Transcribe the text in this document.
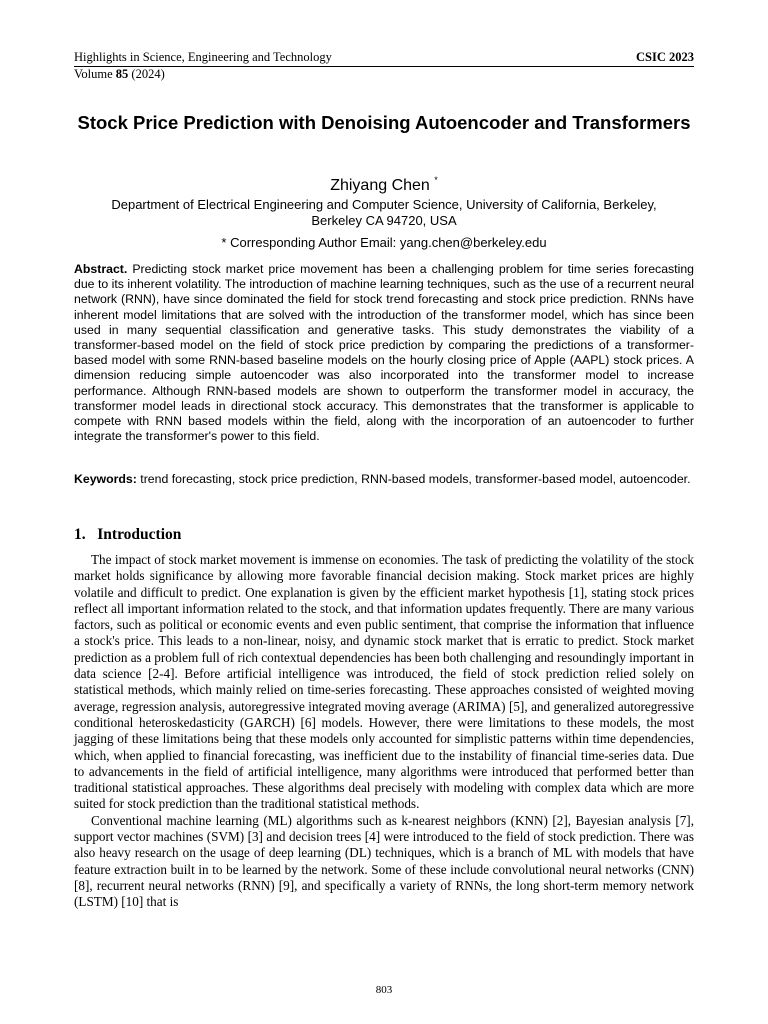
Highlights in Science, Engineering and Technology	CSIC 2023
Volume 85 (2024)
Stock Price Prediction with Denoising Autoencoder and Transformers
Zhiyang Chen *
Department of Electrical Engineering and Computer Science, University of California, Berkeley,
Berkeley CA 94720, USA
* Corresponding Author Email: yang.chen@berkeley.edu
Abstract. Predicting stock market price movement has been a challenging problem for time series forecasting due to its inherent volatility. The introduction of machine learning techniques, such as the use of a recurrent neural network (RNN), have since dominated the field for stock trend forecasting and stock price prediction. RNNs have inherent model limitations that are solved with the introduction of the transformer model, which has since been used in many sequential classification and generative tasks. This study demonstrates the viability of a transformer-based model on the field of stock price prediction by comparing the predictions of a transformer-based model with some RNN-based baseline models on the hourly closing price of Apple (AAPL) stock prices. A dimension reducing simple autoencoder was also incorporated into the transformer model to increase performance. Although RNN-based models are shown to outperform the transformer model in accuracy, the transformer model leads in directional stock accuracy. This demonstrates that the transformer is applicable to compete with RNN based models within the field, along with the incorporation of an autoencoder to further integrate the transformer's power to this field.
Keywords: trend forecasting, stock price prediction, RNN-based models, transformer-based model, autoencoder.
1. Introduction

The impact of stock market movement is immense on economies. The task of predicting the volatility of the stock market holds significance by allowing more favorable financial decision making. Stock market prices are highly volatile and difficult to predict. One explanation is given by the efficient market hypothesis [1], stating stock prices reflect all important information related to the stock, and that information updates frequently. There are many various factors, such as political or economic events and even public sentiment, that comprise the information that influence a stock's price. This leads to a non-linear, noisy, and dynamic stock market that is erratic to predict. Stock market prediction as a problem full of rich contextual dependencies has been both challenging and resoundingly important in data science [2-4]. Before artificial intelligence was introduced, the field of stock prediction relied solely on statistical methods, which mainly relied on time-series forecasting. These approaches consisted of weighted moving average, regression analysis, autoregressive integrated moving average (ARIMA) [5], and generalized autoregressive conditional heteroskedasticity (GARCH) [6] models. However, there were limitations to these models, the most jagging of these limitations being that these models only accounted for simplistic patterns within time dependencies, which, when applied to financial forecasting, was inefficient due to the instability of financial time-series data. Due to advancements in the field of artificial intelligence, many algorithms were introduced that performed better than traditional statistical approaches. These algorithms deal precisely with modeling with complex data which are more suited for stock prediction than the traditional statistical methods.

Conventional machine learning (ML) algorithms such as k-nearest neighbors (KNN) [2], Bayesian analysis [7], support vector machines (SVM) [3] and decision trees [4] were introduced to the field of stock prediction. There was also heavy research on the usage of deep learning (DL) techniques, which is a branch of ML with models that have feature extraction built in to be learned by the network. Some of these include convolutional neural networks (CNN) [8], recurrent neural networks (RNN) [9], and specifically a variety of RNNs, the long short-term memory network (LSTM) [10] that is

803
